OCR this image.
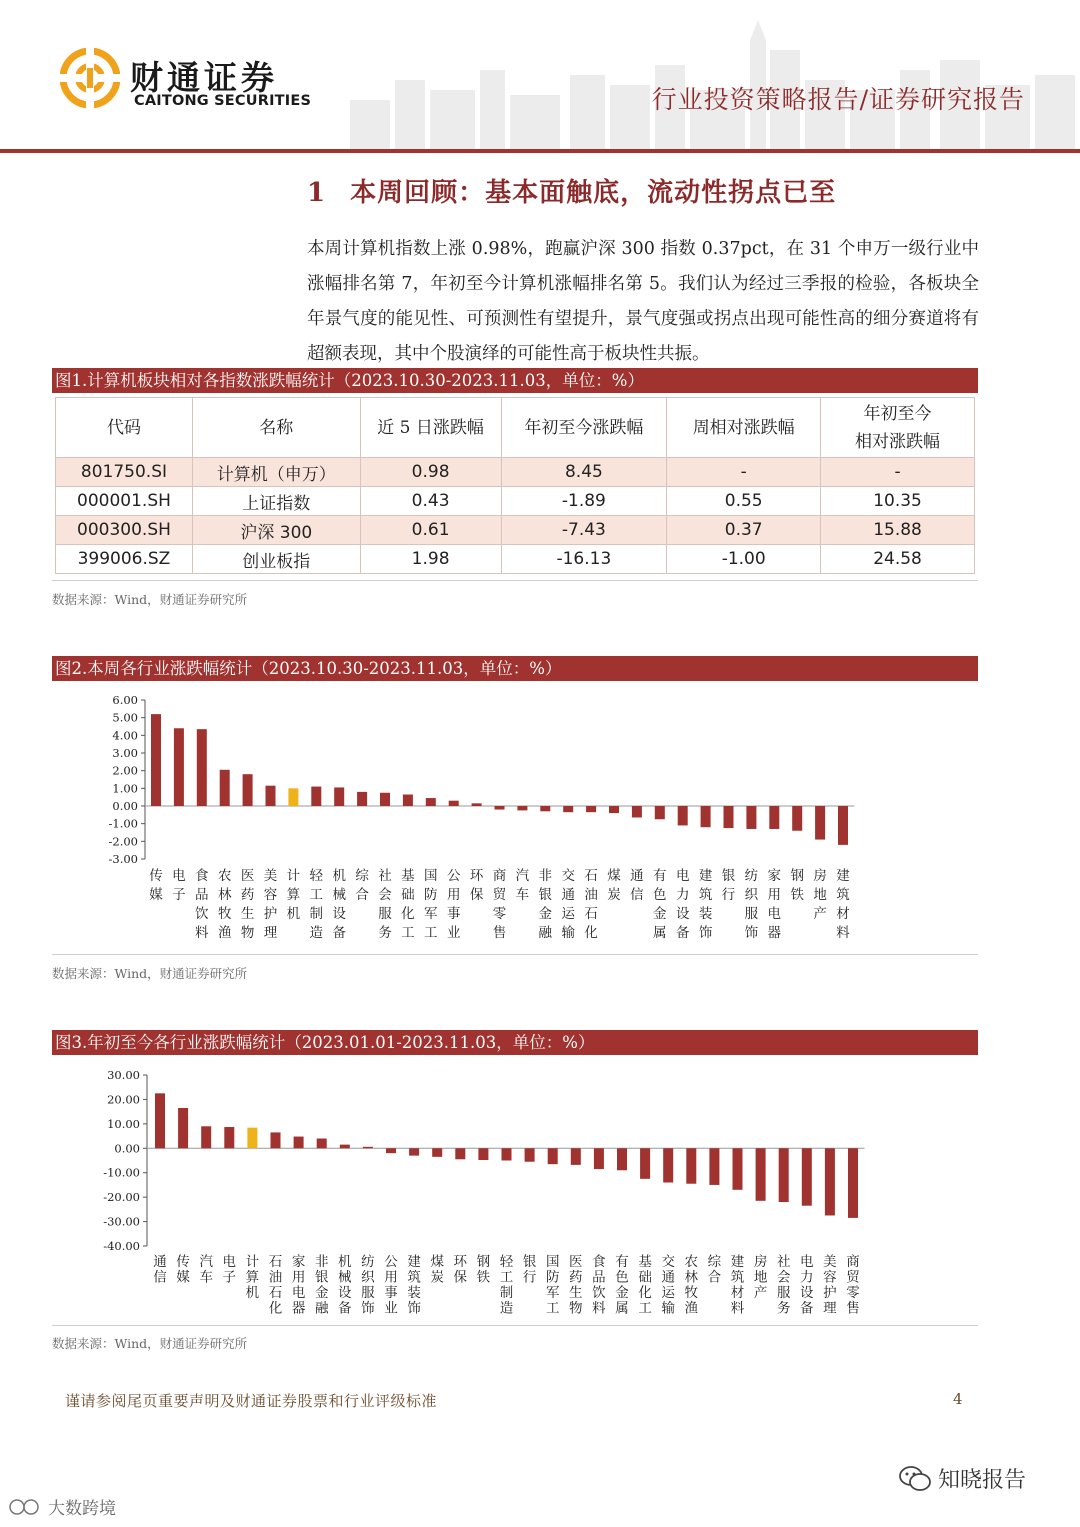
财通证券
CAITONG SECURITIES	行业投资策略报告/证券研究报告
1 本周回顾：基本面触底，流动性拐点已至

本周计算机指数上涨 0.98%，跑赢沪深 300 指数 0.37pct，在 31 个申万一级行业中涨幅排名第 7，年初至今计算机涨幅排名第 5。我们认为经过三季报的检验，各板块全年景气度的能见性、可预测性有望提升，景气度强或拐点出现可能性高的细分赛道将有超额表现，其中个股演绎的可能性高于板块性共振。

图1.计算机板块相对各指数涨跌幅统计（2023.10.30-2023.11.03，单位：%）
代码	名称	近 5 日涨跌幅	年初至今涨跌幅	周相对涨跌幅	年初至今
相对涨跌幅
801750.SI	计算机（申万）	0.98	8.45	-	-
000001.SH	上证指数	0.43	-1.89	0.55	10.35
000300.SH	沪深 300	0.61	-7.43	0.37	15.88
399006.SZ	创业板指	1.98	-16.13	-1.00	24.58
数据来源：Wind，财通证券研究所
图2.本周各行业涨跌幅统计（2023.10.30-2023.11.03，单位：%）
6.00
5.00
4.00
3.00
2.00
1.00
0.00
-1.00
-2.00
-3.00
传媒
电子
食品饮料
农林牧渔
医药生物
美容护理
计算机
轻工制造
机械设备
综合
社会服务
基础化工
国防军工
公用事业
环保
商贸零售
汽车
非银金融
交通运输
石油石化
煤炭
通信
有色金属
电力设备
建筑装饰
银行
纺织服饰
家用电器
钢铁
房地产
建筑材料
数据来源：Wind，财通证券研究所
图3.年初至今各行业涨跌幅统计（2023.01.01-2023.11.03，单位：%）
30.00
20.00
10.00
0.00
-10.00
-20.00
-30.00
-40.00
通信
传媒
汽车
电子
计算机
石油石化
家用电器
非银金融
机械设备
纺织服饰
公用事业
建筑装饰
煤炭
环保
钢铁
轻工制造
银行
国防军工
医药生物
食品饮料
有色金属
基础化工
交通运输
农林牧渔
综合
建筑材料
房地产
社会服务
电力设备
美容护理
商贸零售
数据来源：Wind，财通证券研究所
谨请参阅尾页重要声明及财通证券股票和行业评级标准	4
知晓报告
大数跨境
